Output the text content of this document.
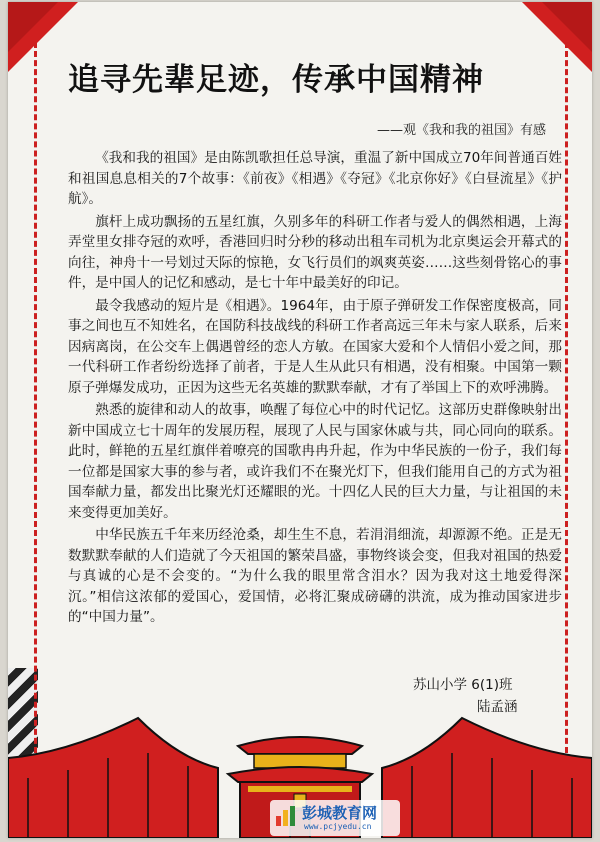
追寻先辈足迹，传承中国精神
——观《我和我的祖国》有感

《我和我的祖国》是由陈凯歌担任总导演，重温了新中国成立70年间普通百姓和祖国息息相关的7个故事：《前夜》《相遇》《夺冠》《北京你好》《白昼流星》《护航》。

旗杆上成功飘扬的五星红旗，久别多年的科研工作者与爱人的偶然相遇，上海弄堂里女排夺冠的欢呼，香港回归时分秒的移动出租车司机为北京奥运会开幕式的向往，神舟十一号划过天际的惊艳，女飞行员们的飒爽英姿……这些刻骨铭心的事件，是中国人的记忆和感动，是七十年中最美好的印记。

最令我感动的短片是《相遇》。1964年，由于原子弹研发工作保密度极高，同事之间也互不知姓名，在国防科技战线的科研工作者高远三年未与家人联系，后来因病离岗，在公交车上偶遇曾经的恋人方敏。在国家大爱和个人情侣小爱之间，那一代科研工作者纷纷选择了前者，于是人生从此只有相遇，没有相聚。中国第一颗原子弹爆发成功，正因为这些无名英雄的默默奉献，才有了举国上下的欢呼沸腾。

熟悉的旋律和动人的故事，唤醒了每位心中的时代记忆。这部历史群像映射出新中国成立七十周年的发展历程，展现了人民与国家休戚与共，同心同向的联系。此时，鲜艳的五星红旗伴着嘹亮的国歌冉冉升起，作为中华民族的一份子，我们每一位都是国家大事的参与者，或许我们不在聚光灯下，但我们能用自己的方式为祖国奉献力量，都发出比聚光灯还耀眼的光。十四亿人民的巨大力量，与让祖国的未来变得更加美好。

中华民族五千年来历经沧桑，却生生不息，若涓涓细流，却源源不绝。正是无数默默奉献的人们造就了今天祖国的繁荣昌盛，事物终谈会变，但我对祖国的热爱与真诚的心是不会变的。“为什么我的眼里常含泪水？因为我对这土地爱得深沉。”相信这浓郁的爱国心，爱国情，必将汇聚成磅礴的洪流，成为推动国家进步的“中国力量”。

苏山小学 6(1)班
陆孟涵
彭城教育网
www.pcjyedu.cn
